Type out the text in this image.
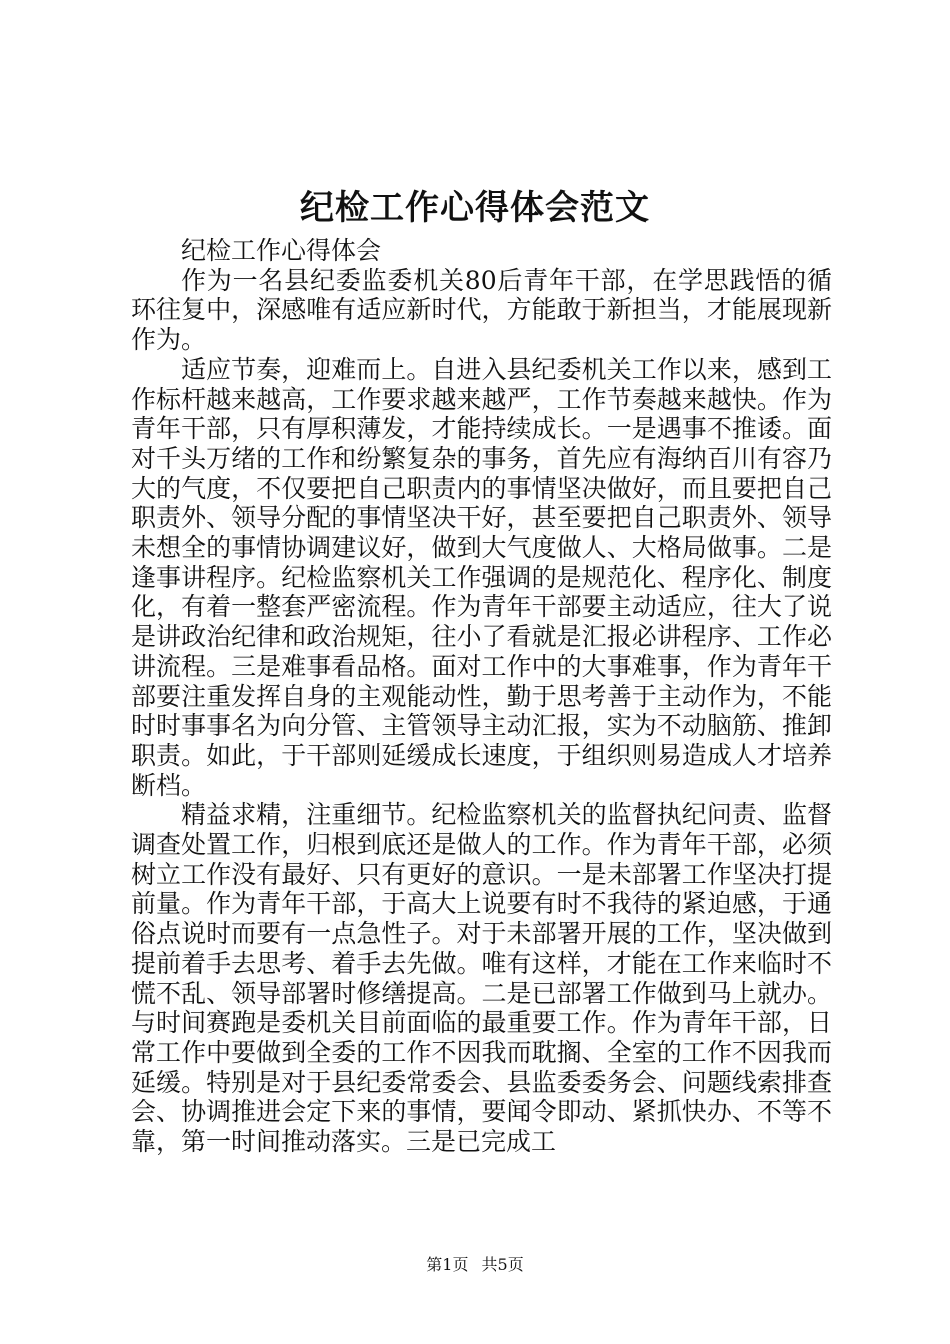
纪检工作心得体会范文

纪检工作心得体会

作为一名县纪委监委机关80后青年干部，在学思践悟的循环往复中，深感唯有适应新时代，方能敢于新担当，才能展现新作为。

适应节奏，迎难而上。自进入县纪委机关工作以来，感到工作标杆越来越高，工作要求越来越严，工作节奏越来越快。作为青年干部，只有厚积薄发，才能持续成长。一是遇事不推诿。面对千头万绪的工作和纷繁复杂的事务，首先应有海纳百川有容乃大的气度，不仅要把自己职责内的事情坚决做好，而且要把自己职责外、领导分配的事情坚决干好，甚至要把自己职责外、领导未想全的事情协调建议好，做到大气度做人、大格局做事。二是逢事讲程序。纪检监察机关工作强调的是规范化、程序化、制度化，有着一整套严密流程。作为青年干部要主动适应，往大了说是讲政治纪律和政治规矩，往小了看就是汇报必讲程序、工作必讲流程。三是难事看品格。面对工作中的大事难事，作为青年干部要注重发挥自身的主观能动性，勤于思考善于主动作为，不能时时事事名为向分管、主管领导主动汇报，实为不动脑筋、推卸职责。如此，于干部则延缓成长速度，于组织则易造成人才培养断档。

精益求精，注重细节。纪检监察机关的监督执纪问责、监督调查处置工作，归根到底还是做人的工作。作为青年干部，必须树立工作没有最好、只有更好的意识。一是未部署工作坚决打提前量。作为青年干部，于高大上说要有时不我待的紧迫感，于通俗点说时而要有一点急性子。对于未部署开展的工作，坚决做到提前着手去思考、着手去先做。唯有这样，才能在工作来临时不慌不乱、领导部署时修缮提高。二是已部署工作做到马上就办。与时间赛跑是委机关目前面临的最重要工作。作为青年干部，日常工作中要做到全委的工作不因我而耽搁、全室的工作不因我而延缓。特别是对于县纪委常委会、县监委委务会、问题线索排查会、协调推进会定下来的事情，要闻令即动、紧抓快办、不等不靠，第一时间推动落实。三是已完成工

第1页 共5页
